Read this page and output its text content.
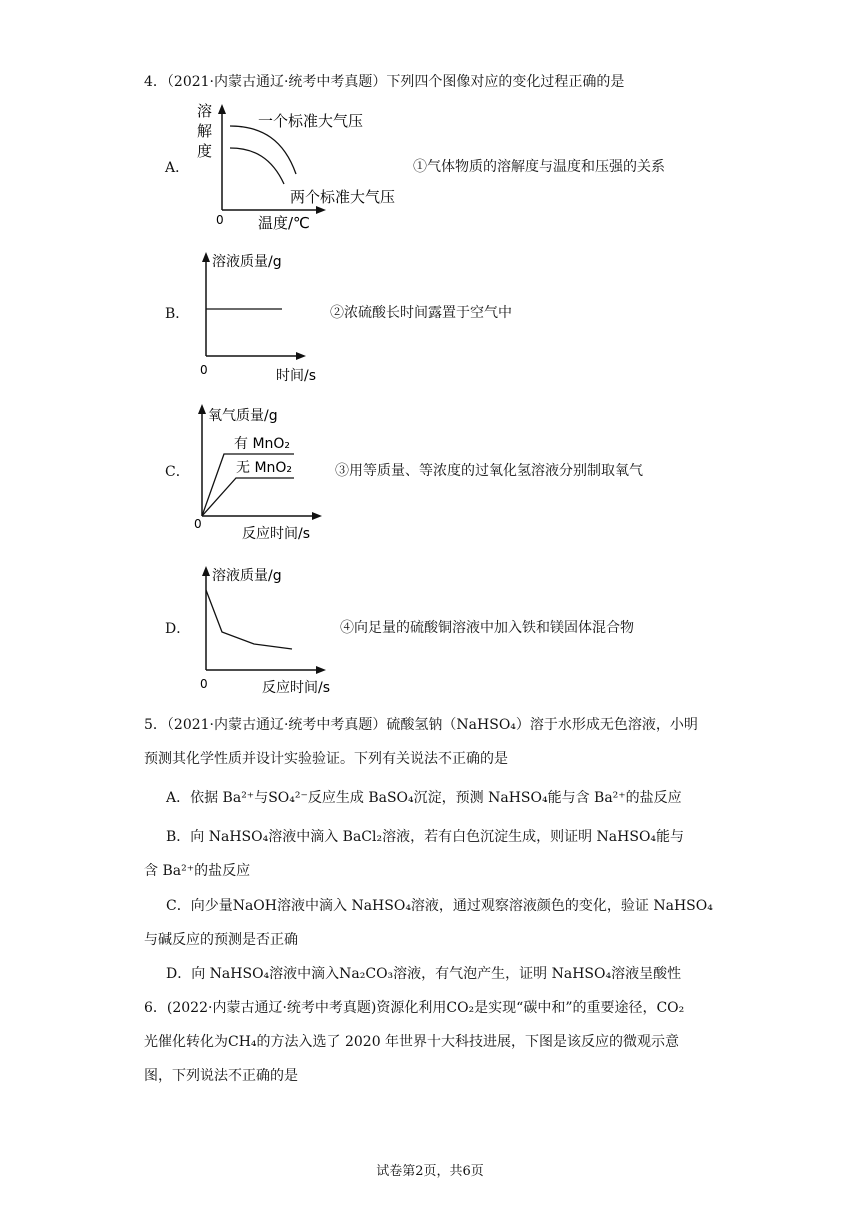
4．（2021·内蒙古通辽·统考中考真题）下列四个图像对应的变化过程正确的是
A．
溶
解
度
0 温度/℃
一个标准大气压
两个标准大气压
①气体物质的溶解度与温度和压强的关系
B．
溶液质量/g
0	时间/s
②浓硫酸长时间露置于空气中
C．
氧气质量/g
0
反应时间/s
有 MnO₂
无 MnO₂	③用等质量、等浓度的过氧化氢溶液分别制取氧气
D．
溶液质量/g
0	反应时间/s
④向足量的硫酸铜溶液中加入铁和镁固体混合物
5．（2021·内蒙古通辽·统考中考真题）硫酸氢钠（NaHSO₄）溶于水形成无色溶液，小明
预测其化学性质并设计实验验证。下列有关说法不正确的是
A．依据 Ba²⁺与SO₄²⁻反应生成 BaSO₄沉淀，预测 NaHSO₄能与含 Ba²⁺的盐反应
B．向 NaHSO₄溶液中滴入 BaCl₂溶液，若有白色沉淀生成，则证明 NaHSO₄能与
含 Ba²⁺的盐反应
C．向少量NaOH溶液中滴入 NaHSO₄溶液，通过观察溶液颜色的变化，验证 NaHSO₄
与碱反应的预测是否正确
D．向 NaHSO₄溶液中滴入Na₂CO₃溶液，有气泡产生，证明 NaHSO₄溶液呈酸性
6．(2022·内蒙古通辽·统考中考真题)资源化利用CO₂是实现“碳中和”的重要途径，CO₂
光催化转化为CH₄的方法入选了 2020 年世界十大科技进展，下图是该反应的微观示意
图，下列说法不正确的是
试卷第2页，共6页
